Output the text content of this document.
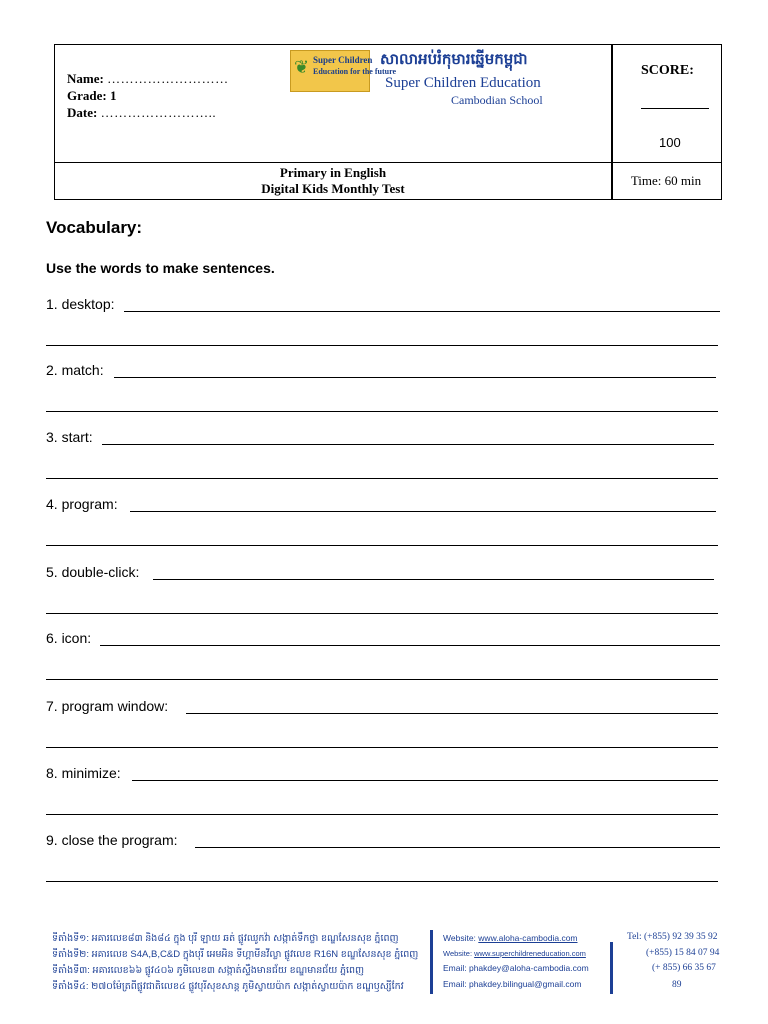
Name: ………………………
Grade: 1
Date: ……………………..
❦ Super Children
Education for the future
សាលាអប់រំកុមារឆ្នើមកម្ពុជា
Super Children Education
Cambodian School
SCORE:
100
Primary in English
Digital Kids Monthly Test
Time: 60 min
Vocabulary:
Use the words to make sentences.
1. desktop:
2. match:
3. start:
4. program:
5. double-click:
6. icon:
7. program window:
8. minimize:
9. close the program:
ទីតាំងទី១: អគារលេខ៨៣ និង៨៤ ក្នុង បុរី ឡាយ ឆត់ ផ្លូវឈូកវ៉ា សង្កាត់ទឹកថ្លា ខណ្ឌសែនសុខ ភ្នំពេញ
ទីតាំងទី២: អគារលេខ S4A,B,C&D ក្នុងបុរី អេមអិន ទីហ្គាមីនវីល្លា ផ្លូវលេខ R16N ខណ្ឌសែនសុខ ភ្នំពេញ
ទីតាំងទី៣: អគារលេខ៦៦ ផ្លូវ៤០៦ ភូមិលេខ៣ សង្កាត់ស្ទឹងមានជ័យ ខណ្ឌមានជ័យ ភ្នំពេញ
ទីតាំងទី៤: ២៧០ម៉ែត្រពីផ្លូវជាតិលេខ៤ ផ្លូវបុរីសុខសាន្ត ភូមិស្វាយប៉ាក សង្កាត់ស្វាយប៉ាក ខណ្ឌឫស្សីកែវ
Website: www.aloha-cambodia.com
Website: www.superchildreneducation.com
Email: phakdey@aloha-cambodia.com
Email: phakdey.bilingual@gmail.com
Tel: (+855) 92 39 35 92
(+855) 15 84 07 94
(+ 855) 66 35 67
89
